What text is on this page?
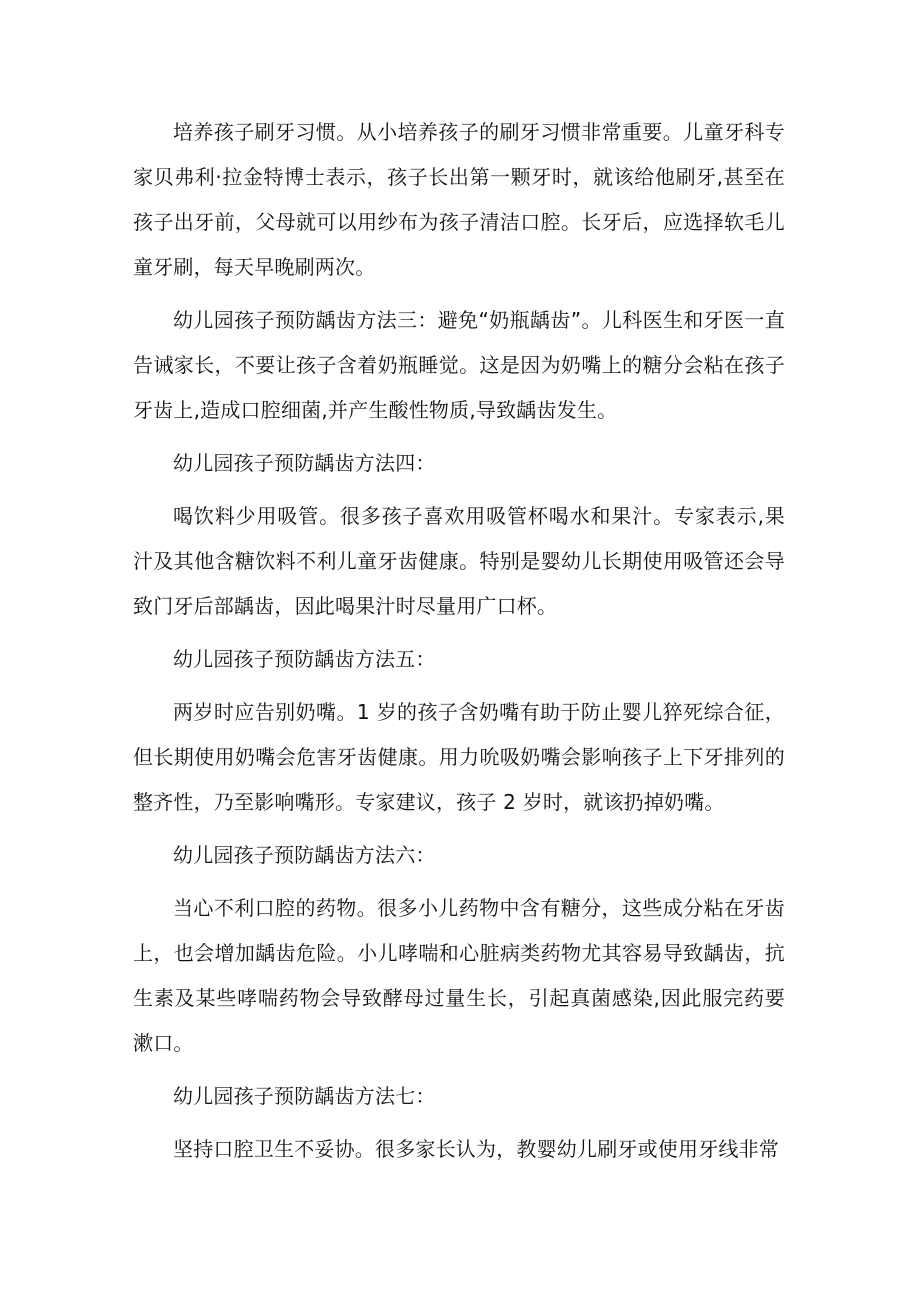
培养孩子刷牙习惯。从小培养孩子的刷牙习惯非常重要。儿童牙科专家贝弗利·拉金特博士表示，孩子长出第一颗牙时，就该给他刷牙,甚至在孩子出牙前，父母就可以用纱布为孩子清洁口腔。长牙后，应选择软毛儿童牙刷，每天早晚刷两次。

幼儿园孩子预防龋齿方法三：避免“奶瓶龋齿”。儿科医生和牙医一直告诫家长，不要让孩子含着奶瓶睡觉。这是因为奶嘴上的糖分会粘在孩子牙齿上,造成口腔细菌,并产生酸性物质,导致龋齿发生。

幼儿园孩子预防龋齿方法四：

喝饮料少用吸管。很多孩子喜欢用吸管杯喝水和果汁。专家表示,果汁及其他含糖饮料不利儿童牙齿健康。特别是婴幼儿长期使用吸管还会导致门牙后部龋齿，因此喝果汁时尽量用广口杯。

幼儿园孩子预防龋齿方法五：

两岁时应告别奶嘴。1 岁的孩子含奶嘴有助于防止婴儿猝死综合征，但长期使用奶嘴会危害牙齿健康。用力吮吸奶嘴会影响孩子上下牙排列的整齐性，乃至影响嘴形。专家建议，孩子 2 岁时，就该扔掉奶嘴。

幼儿园孩子预防龋齿方法六：

当心不利口腔的药物。很多小儿药物中含有糖分，这些成分粘在牙齿上，也会增加龋齿危险。小儿哮喘和心脏病类药物尤其容易导致龋齿，抗生素及某些哮喘药物会导致酵母过量生长，引起真菌感染,因此服完药要漱口。

幼儿园孩子预防龋齿方法七：

坚持口腔卫生不妥协。很多家长认为，教婴幼儿刷牙或使用牙线非常
